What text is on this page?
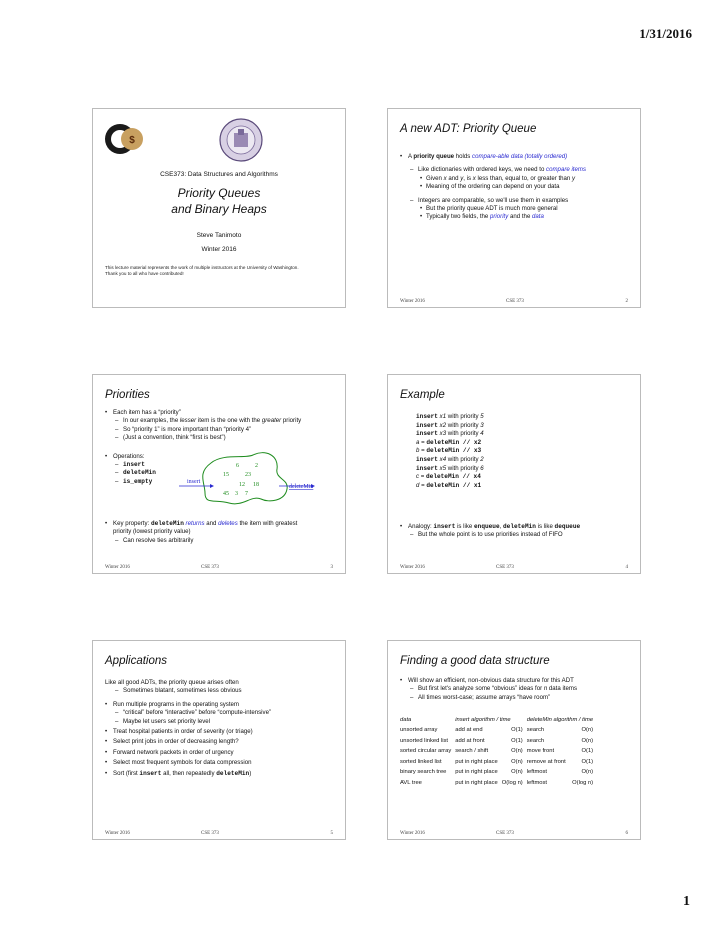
1/31/2016
$
CSE373: Data Structures and Algorithms
Priority Queues
and Binary Heaps
Steve Tanimoto
Winter 2016
This lecture material represents the work of multiple instructors at the University of Washington.
Thank you to all who have contributed!
A new ADT: Priority Queue
• A priority queue holds compare-able data (totally ordered)
– Like dictionaries with ordered keys, we need to compare items
• Given x and y, is x less than, equal to, or greater than y
• Meaning of the ordering can depend on your data
– Integers are comparable, so we'll use them in examples
• But the priority queue ADT is much more general
• Typically two fields, the priority and the data
Winter 2016	CSE 373	2
Priorities
• Each item has a “priority”
– In our examples, the lesser item is the one with the greater priority
– So “priority 1” is more important than “priority 4”
– (Just a convention, think “first is best”)
• Operations:
– insert
– deleteMin
– is_empty	insert
deleteMin
6	2
15	23
12 18
45 3 7
• Key property: deleteMin returns and deletes the item with greatest
priority (lowest priority value)
– Can resolve ties arbitrarily
Winter 2016	CSE 373	3
Example
insert x1 with priority 5
insert x2 with priority 3
insert x3 with priority 4
a = deleteMin // x2
b = deleteMin // x3
insert x4 with priority 2
insert x5 with priority 6
c = deleteMin // x4
d = deleteMin // x1
• Analogy: insert is like enqueue, deleteMin is like dequeue
– But the whole point is to use priorities instead of FIFO
Winter 2016	CSE 373	4
Applications
Like all good ADTs, the priority queue arises often
– Sometimes blatant, sometimes less obvious
• Run multiple programs in the operating system
– “critical” before “interactive” before “compute-intensive”
– Maybe let users set priority level
• Treat hospital patients in order of severity (or triage)
• Select print jobs in order of decreasing length?
• Forward network packets in order of urgency
• Select most frequent symbols for data compression
• Sort (first insert all, then repeatedly deleteMin)
Winter 2016	CSE 373	5
Finding a good data structure
• Will show an efficient, non-obvious data structure for this ADT
– But first let's analyze some “obvious” ideas for n data items
– All times worst-case; assume arrays “have room”
data	insert algorithm / time		deleteMin algorithm / time	
unsorted array	add at end	O(1)	search	O(n)
unsorted linked list	add at front	O(1)	search	O(n)
sorted circular array	search / shift	O(n)	move front	O(1)
sorted linked list	put in right place	O(n)	remove at front	O(1)
binary search tree	put in right place	O(n)	leftmost	O(n)
AVL tree	put in right place	O(log n)	leftmost	O(log n)
Winter 2016	CSE 373	6
1
